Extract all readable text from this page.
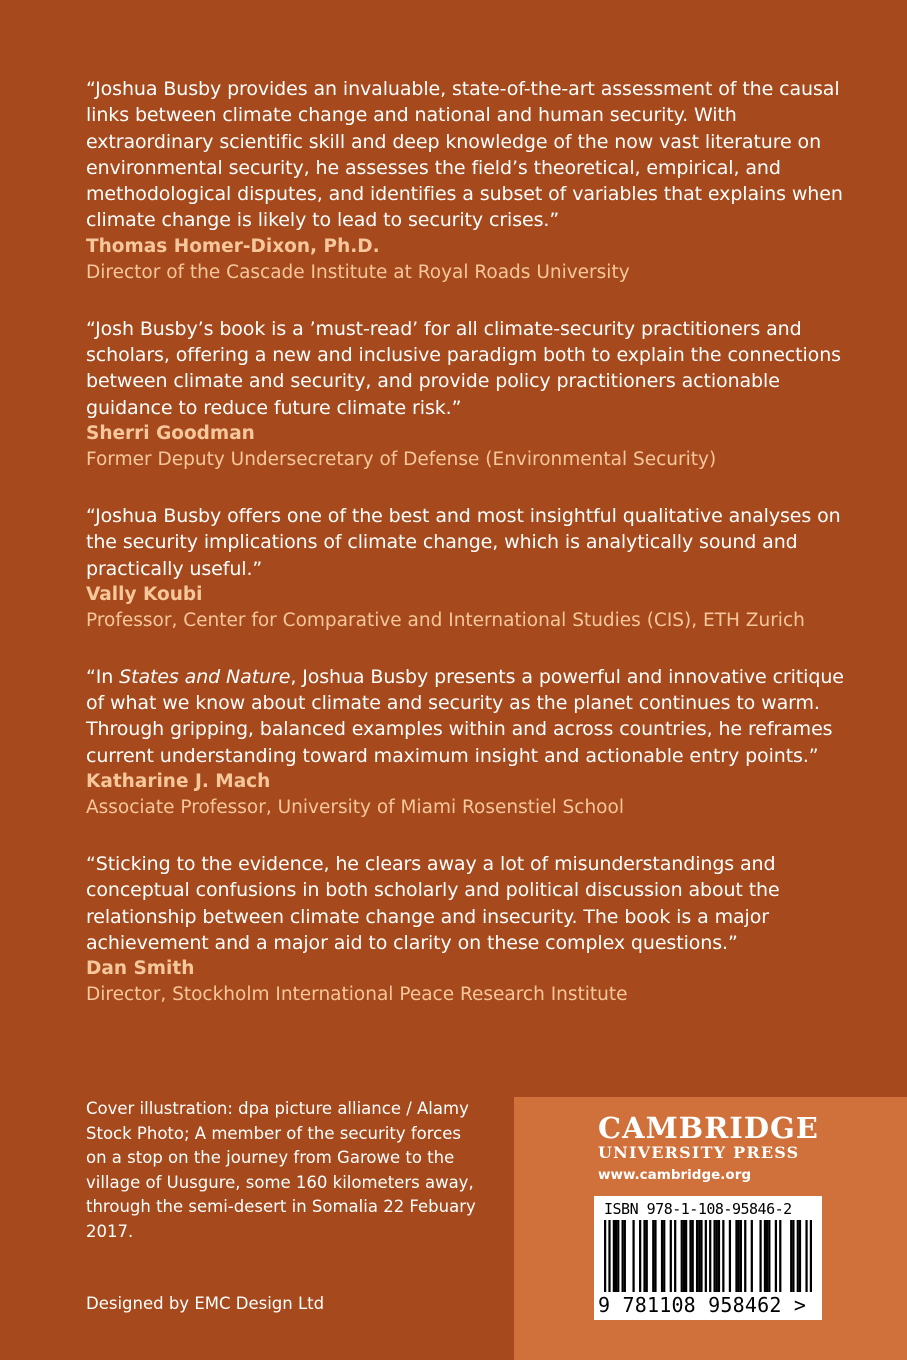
“Joshua Busby provides an invaluable, state-of-the-art assessment of the causal links between climate change and national and human security. With extraordinary scientific skill and deep knowledge of the now vast literature on environmental security, he assesses the field’s theoretical, empirical, and methodological disputes, and identifies a subset of variables that explains when climate change is likely to lead to security crises.”

Thomas Homer-Dixon, Ph.D.

Director of the Cascade Institute at Royal Roads University

“Josh Busby’s book is a ’must-read’ for all climate-security practitioners and scholars, offering a new and inclusive paradigm both to explain the connections between climate and security, and provide policy practitioners actionable guidance to reduce future climate risk.”

Sherri Goodman

Former Deputy Undersecretary of Defense (Environmental Security)

“Joshua Busby offers one of the best and most insightful qualitative analyses on the security implications of climate change, which is analytically sound and practically useful.”

Vally Koubi

Professor, Center for Comparative and International Studies (CIS), ETH Zurich

“In States and Nature, Joshua Busby presents a powerful and innovative critique of what we know about climate and security as the planet continues to warm. Through gripping, balanced examples within and across countries, he reframes current understanding toward maximum insight and actionable entry points.”

Katharine J. Mach

Associate Professor, University of Miami Rosenstiel School

“Sticking to the evidence, he clears away a lot of misunderstandings and conceptual confusions in both scholarly and political discussion about the relationship between climate change and insecurity. The book is a major achievement and a major aid to clarity on these complex questions.”

Dan Smith

Director, Stockholm International Peace Research Institute

Cover illustration: dpa picture alliance / Alamy Stock Photo; A member of the security forces on a stop on the journey from Garowe to the village of Uusgure, some 160 kilometers away, through the semi-desert in Somalia 22 Febuary 2017.

Designed by EMC Design Ltd
CAMBRIDGE
UNIVERSITY PRESS
www.cambridge.org
ISBN 978-1-108-95846-2
9 781108 958462 >
